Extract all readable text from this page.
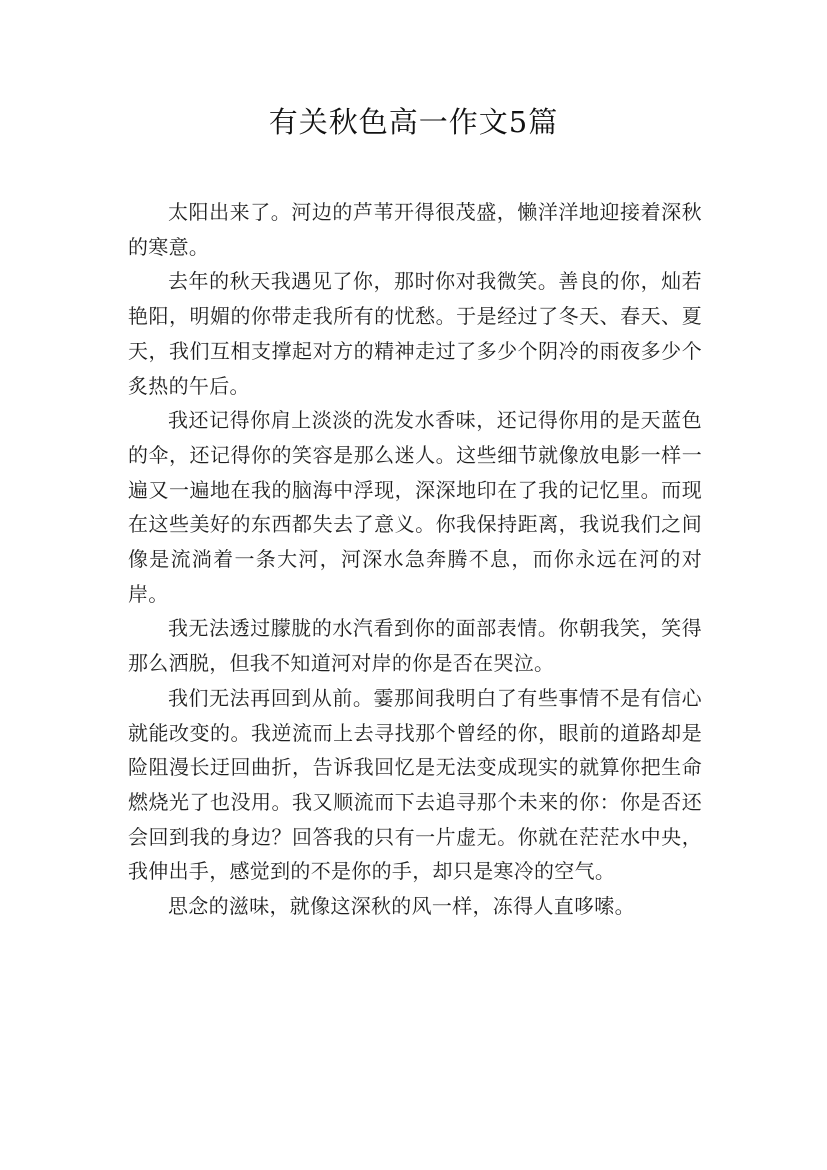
有关秋色高一作文5篇

太阳出来了。河边的芦苇开得很茂盛，懒洋洋地迎接着深秋的寒意。

去年的秋天我遇见了你，那时你对我微笑。善良的你，灿若艳阳，明媚的你带走我所有的忧愁。于是经过了冬天、春天、夏天，我们互相支撑起对方的精神走过了多少个阴冷的雨夜多少个炙热的午后。

我还记得你肩上淡淡的洗发水香味，还记得你用的是天蓝色的伞，还记得你的笑容是那么迷人。这些细节就像放电影一样一遍又一遍地在我的脑海中浮现，深深地印在了我的记忆里。而现在这些美好的东西都失去了意义。你我保持距离，我说我们之间像是流淌着一条大河，河深水急奔腾不息，而你永远在河的对岸。

我无法透过朦胧的水汽看到你的面部表情。你朝我笑，笑得那么洒脱，但我不知道河对岸的你是否在哭泣。

我们无法再回到从前。霎那间我明白了有些事情不是有信心就能改变的。我逆流而上去寻找那个曾经的你，眼前的道路却是险阻漫长迂回曲折，告诉我回忆是无法变成现实的就算你把生命燃烧光了也没用。我又顺流而下去追寻那个未来的你：你是否还会回到我的身边？回答我的只有一片虚无。你就在茫茫水中央，我伸出手，感觉到的不是你的手，却只是寒冷的空气。

思念的滋味，就像这深秋的风一样，冻得人直哆嗦。
